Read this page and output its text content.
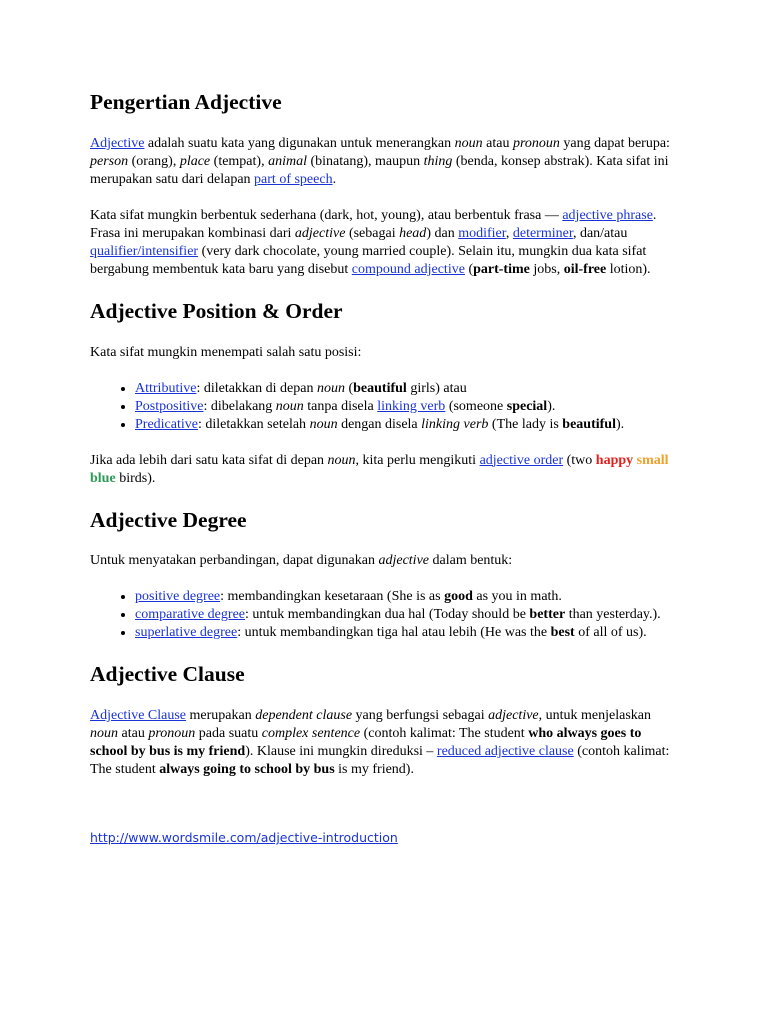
Pengertian Adjective

Adjective adalah suatu kata yang digunakan untuk menerangkan noun atau pronoun yang dapat berupa: person (orang), place (tempat), animal (binatang), maupun thing (benda, konsep abstrak). Kata sifat ini merupakan satu dari delapan part of speech.

Kata sifat mungkin berbentuk sederhana (dark, hot, young), atau berbentuk frasa — adjective phrase. Frasa ini merupakan kombinasi dari adjective (sebagai head) dan modifier, determiner, dan/atau qualifier/intensifier (very dark chocolate, young married couple). Selain itu, mungkin dua kata sifat bergabung membentuk kata baru yang disebut compound adjective (part-time jobs, oil-free lotion).

Adjective Position & Order

Kata sifat mungkin menempati salah satu posisi:

• Attributive: diletakkan di depan noun (beautiful girls) atau
• Postpositive: dibelakang noun tanpa disela linking verb (someone special).
• Predicative: diletakkan setelah noun dengan disela linking verb (The lady is beautiful).

Jika ada lebih dari satu kata sifat di depan noun, kita perlu mengikuti adjective order (two happy small blue birds).

Adjective Degree

Untuk menyatakan perbandingan, dapat digunakan adjective dalam bentuk:

• positive degree: membandingkan kesetaraan (She is as good as you in math.
• comparative degree: untuk membandingkan dua hal (Today should be better than yesterday.).
• superlative degree: untuk membandingkan tiga hal atau lebih (He was the best of all of us).
Adjective Clause

Adjective Clause merupakan dependent clause yang berfungsi sebagai adjective, untuk menjelaskan noun atau pronoun pada suatu complex sentence (contoh kalimat: The student who always goes to school by bus is my friend). Klause ini mungkin direduksi – reduced adjective clause (contoh kalimat: The student always going to school by bus is my friend).

http://www.wordsmile.com/adjective-introduction
